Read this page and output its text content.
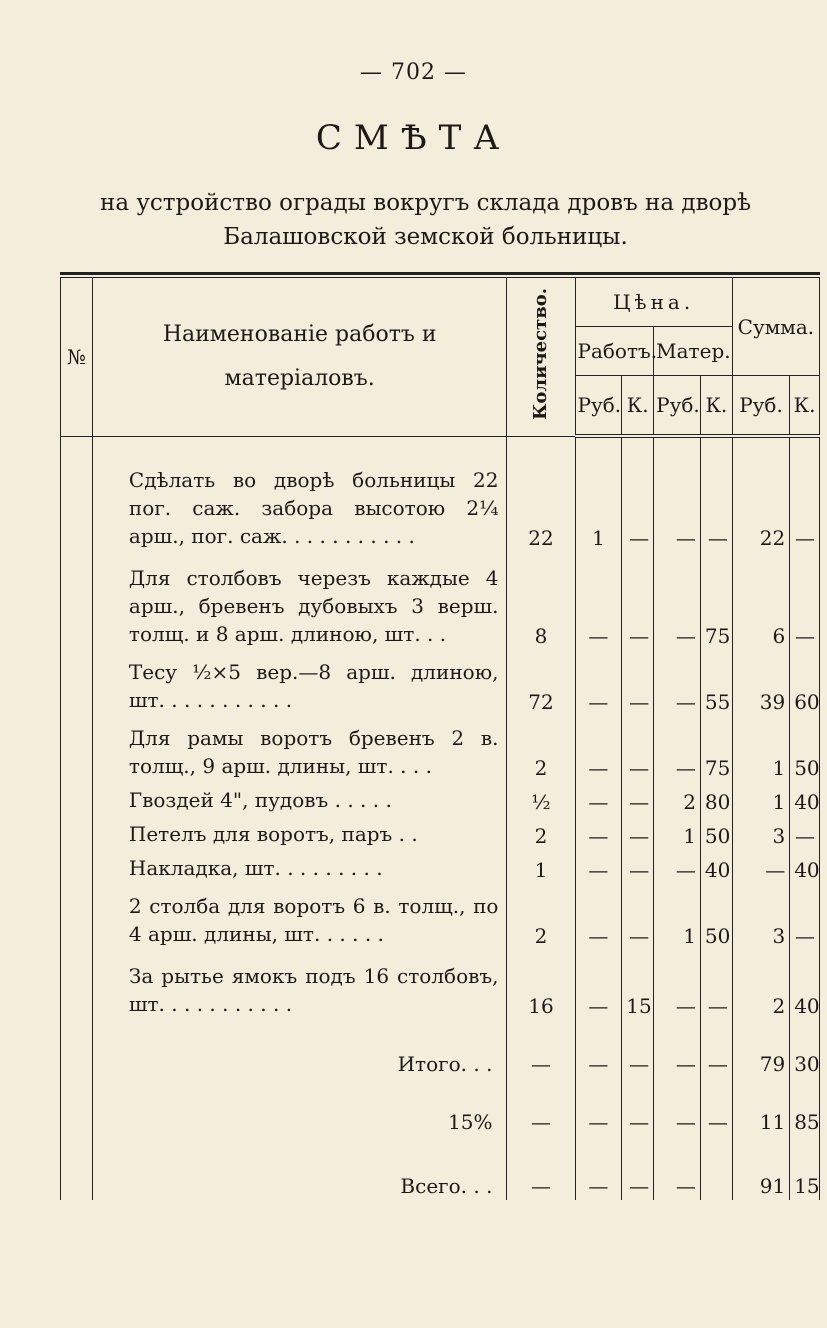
— 702 —
СМѢТА
на устройство ограды вокругъ склада дровъ на дворѣ Балашовской земской больницы.
№	Наименованіе работъ и матеріаловъ.	Количество.	Цѣна.				Сумма.	
			Работъ.		Матер.			
			Руб.	К.	Руб.	К.	Руб.	К.

	Сдѣлать во дворѣ больницы 22 пог. саж. забора высотою 2¼ арш., пог. саж. . . . . . . . . . .	22	1	—	—	—	22	—
	Для столбовъ черезъ каждые 4 арш., бревенъ дубовыхъ 3 верш. толщ. и 8 арш. длиною, шт. . .	8	—	—	—	75	6	—
	Тесу ½×5 вер.—8 арш. длиною, шт. . . . . . . . . . .	72	—	—	—	55	39	60
	Для рамы воротъ бревенъ 2 в. толщ., 9 арш. длины, шт. . . .	2	—	—	—	75	1	50
	Гвоздей 4", пудовъ . . . . .	½	—	—	2	80	1	40
	Петелъ для воротъ, паръ . .	2	—	—	1	50	3	—
	Накладка, шт. . . . . . . . .	1	—	—	—	40	—	40
	2 столба для воротъ 6 в. толщ., по 4 арш. длины, шт. . . . . .	2	—	—	1	50	3	—
	За рытье ямокъ подъ 16 столбовъ, шт. . . . . . . . . . .	16	—	15	—	—	2	40
	Итого. . .	—	—	—	—	—	79	30
	15%	—	—	—	—	—	11	85
	Всего. . .	—	—	—	—		91	15
